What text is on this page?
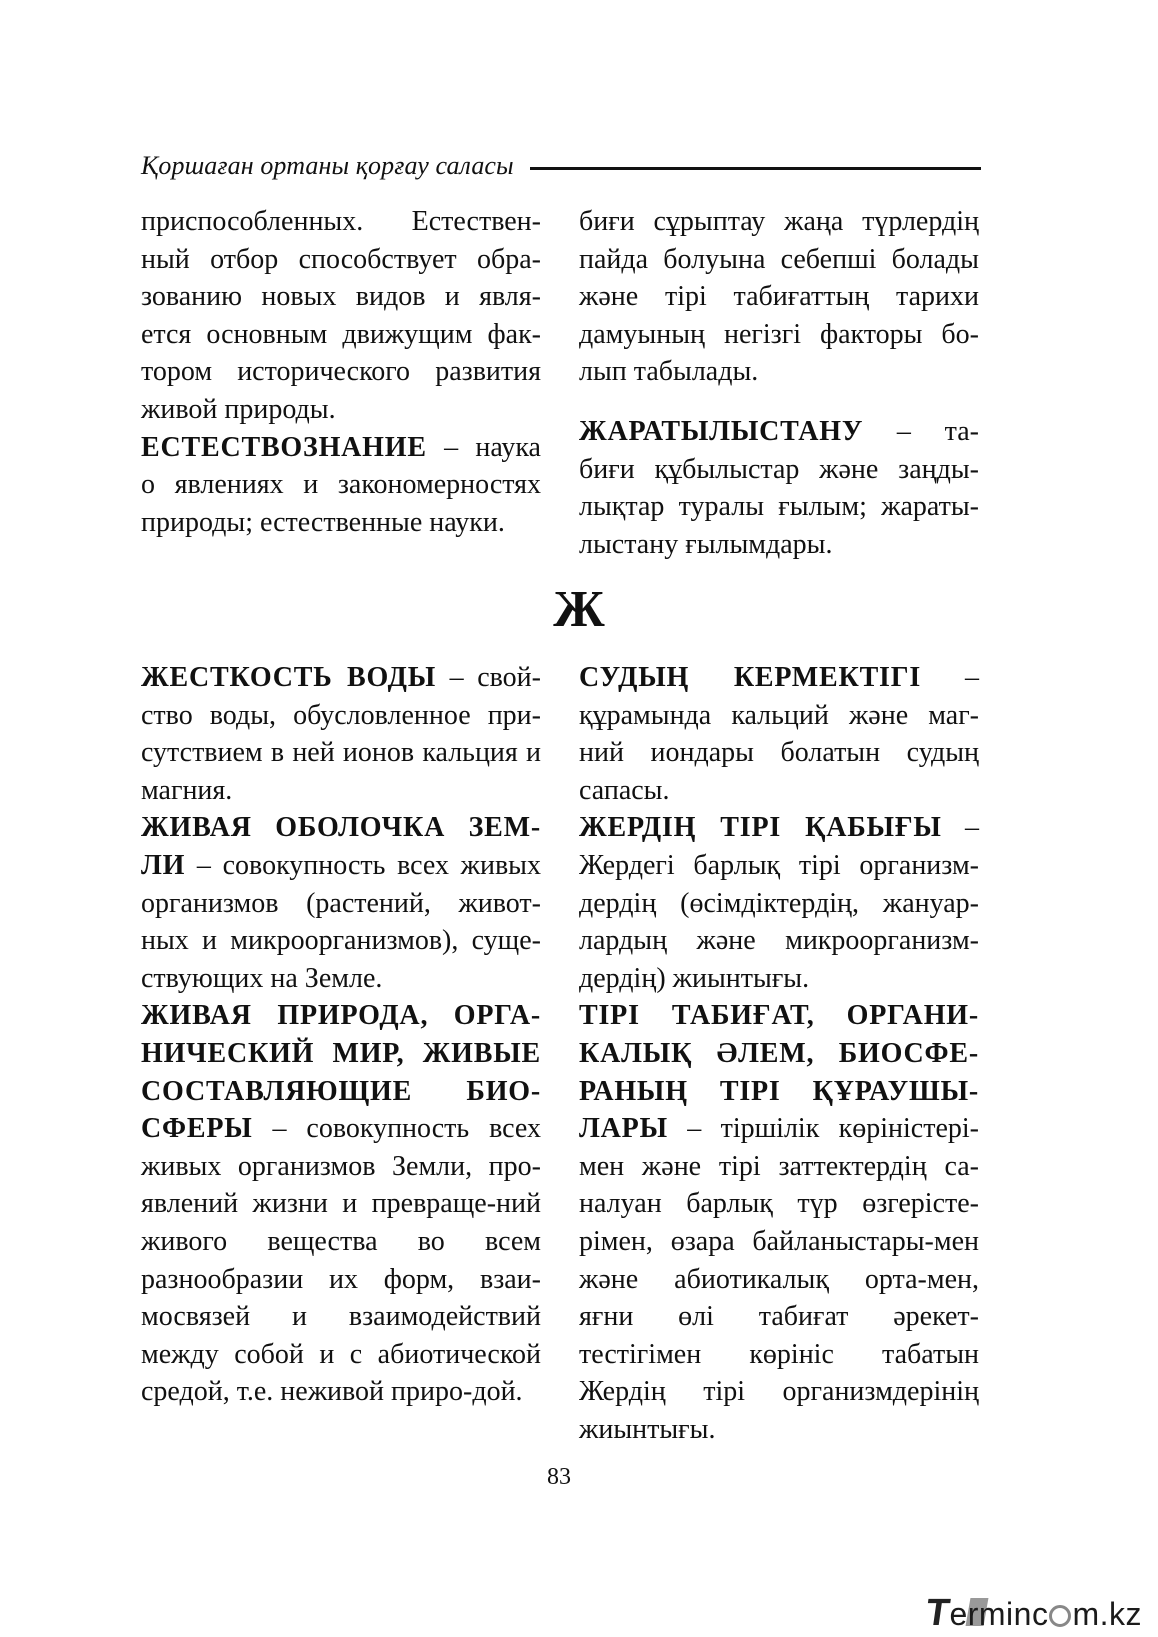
Қоршаған ортаны қорғау саласы

приспособленных. Естествен-ный отбор способствует обра-зованию новых видов и явля-ется основным движущим фак-тором исторического развития живой природы.

ЕСТЕСТВОЗНАНИЕ – наука о явлениях и закономерностях природы; естественные науки.

биғи сұрыптау жаңа түрлердің пайда болуына себепші болады және тірі табиғаттың тарихи дамуының негізгі факторы бо-лып табылады.

ЖАРАТЫЛЫСТАНУ – та-биғи құбылыстар және заңды-лықтар туралы ғылым; жараты-лыстану ғылымдары.

Ж

ЖЕСТКОСТЬ ВОДЫ – свой-ство воды, обусловленное при-сутствием в ней ионов кальция и магния.

ЖИВАЯ ОБОЛОЧКА ЗЕМ-ЛИ – совокупность всех живых организмов (растений, живот-ных и микроорганизмов), суще-ствующих на Земле.

ЖИВАЯ ПРИРОДА, ОРГА-НИЧЕСКИЙ МИР, ЖИВЫЕ СОСТАВЛЯЮЩИЕ БИО-СФЕРЫ – совокупность всех живых организмов Земли, про-явлений жизни и превраще-ний живого вещества во всем разнообразии их форм, взаи-мосвязей и взаимодействий между собой и с абиотической средой, т.е. неживой приро-дой.

СУДЫҢ КЕРМЕКТІГІ – құрамында кальций және маг-ний иондары болатын судың сапасы.

ЖЕРДІҢ ТІРІ ҚАБЫҒЫ – Жердегі барлық тірі организм-дердің (өсімдіктердің, жануар-лардың және микроорганизм-дердің) жиынтығы.

ТІРІ ТАБИҒАТ, ОРГАНИ-КАЛЫҚ ӘЛЕМ, БИОСФЕ-РАНЫҢ ТІРІ ҚҰРАУШЫ-ЛАРЫ – тіршілік көріністері-мен және тірі заттектердің са-налуан барлық түр өзгерісте-рімен, өзара байланыстары-мен және абиотикалық орта-мен, яғни өлі табиғат әрекет-тестігімен көрініс табатын Жердің тірі организмдерінің жиынтығы.

83
T
erminc m.kz
